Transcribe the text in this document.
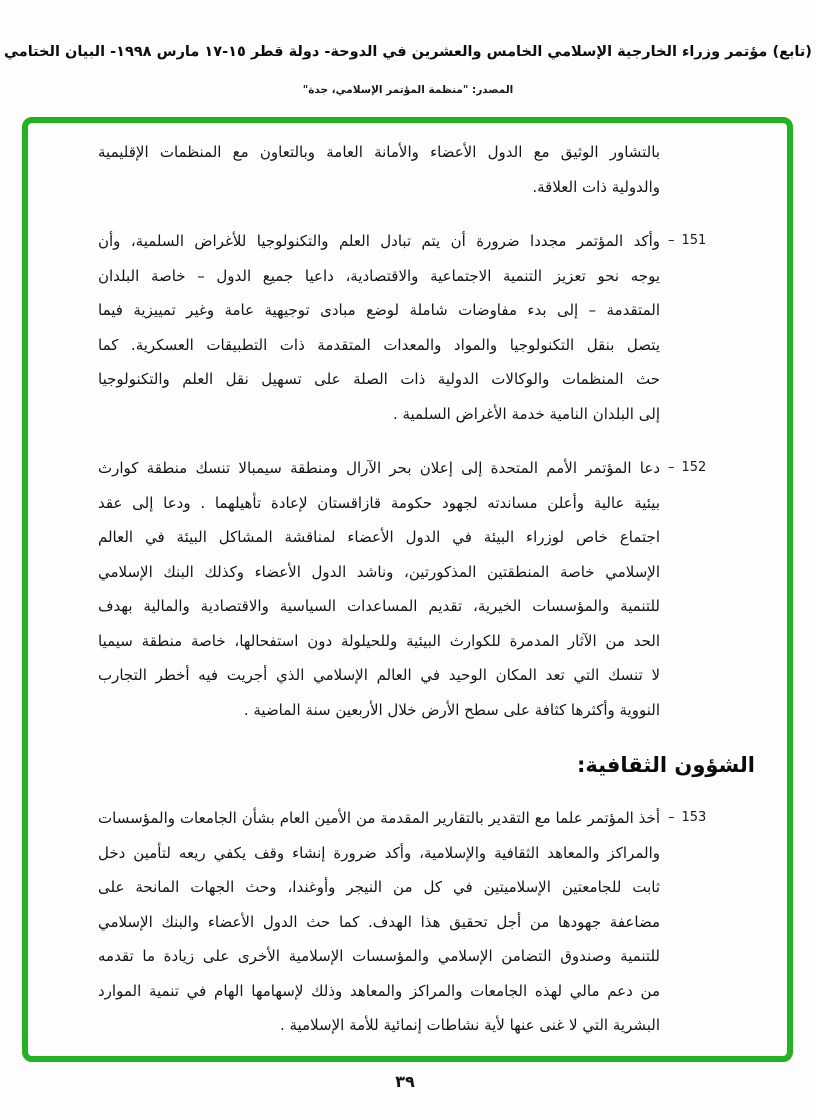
(تابع) مؤتمر وزراء الخارجية الإسلامي الخامس والعشرين في الدوحة- دولة قطر ١٥-١٧ مارس ١٩٩٨- البيان الختامي
المصدر: "منظمة المؤتمر الإسلامي، جدة"
بالتشاور الوثيق مع الدول الأعضاء والأمانة العامة وبالتعاون مع المنظمات الإقليمية
والدولية ذات العلاقة.
– 151
وأكد المؤتمر مجددا ضرورة أن يتم تبادل العلم والتكنولوجيا للأغراض السلمية، وأن
يوجه نحو تعزيز التنمية الاجتماعية والاقتصادية، داعيا جميع الدول – خاصة البلدان
المتقدمة – إلى بدء مفاوضات شاملة لوضع مبادى توجيهية عامة وغير تمييزية فيما
يتصل بنقل التكنولوجيا والمواد والمعدات المتقدمة ذات التطبيقات العسكرية. كما
حث المنظمات والوكالات الدولية ذات الصلة على تسهيل نقل العلم والتكنولوجيا
إلى البلدان النامية خدمة الأغراض السلمية .
– 152
دعا المؤتمر الأمم المتحدة إلى إعلان بحر الآرال ومنطقة سيمبالا تنسك منطقة كوارث
بيئية عالية وأعلن مساندته لجهود حكومة قازاقستان لإعادة تأهيلهما . ودعا إلى عقد
اجتماع خاص لوزراء البيئة في الدول الأعضاء لمناقشة المشاكل البيئة في العالم
الإسلامي خاصة المنطقتين المذكورتين، وناشد الدول الأعضاء وكذلك البنك الإسلامي
للتنمية والمؤسسات الخيرية، تقديم المساعدات السياسية والاقتصادية والمالية بهدف
الحد من الآثار المدمرة للكوارث البيئية وللحيلولة دون استفحالها، خاصة منطقة سيميا
لا تنسك التي تعد المكان الوحيد في العالم الإسلامي الذي أجريت فيه أخطر التجارب
النووية وأكثرها كثافة على سطح الأرض خلال الأربعين سنة الماضية .
الشؤون الثقافية:
– 153
أخذ المؤتمر علما مع التقدير بالتقارير المقدمة من الأمين العام بشأن الجامعات والمؤسسات
والمراكز والمعاهد الثقافية والإسلامية، وأكد ضرورة إنشاء وقف يكفي ريعه لتأمين دخل
ثابت للجامعتين الإسلاميتين في كل من النيجر وأوغندا، وحث الجهات المانحة على
مضاعفة جهودها من أجل تحقيق هذا الهدف. كما حث الدول الأعضاء والبنك الإسلامي
للتنمية وصندوق التضامن الإسلامي والمؤسسات الإسلامية الأخرى على زيادة ما تقدمه
من دعم مالي لهذه الجامعات والمراكز والمعاهد وذلك لإسهامها الهام في تنمية الموارد
البشرية التي لا غنى عنها لأية نشاطات إنمائية للأمة الإسلامية .
٣٩
